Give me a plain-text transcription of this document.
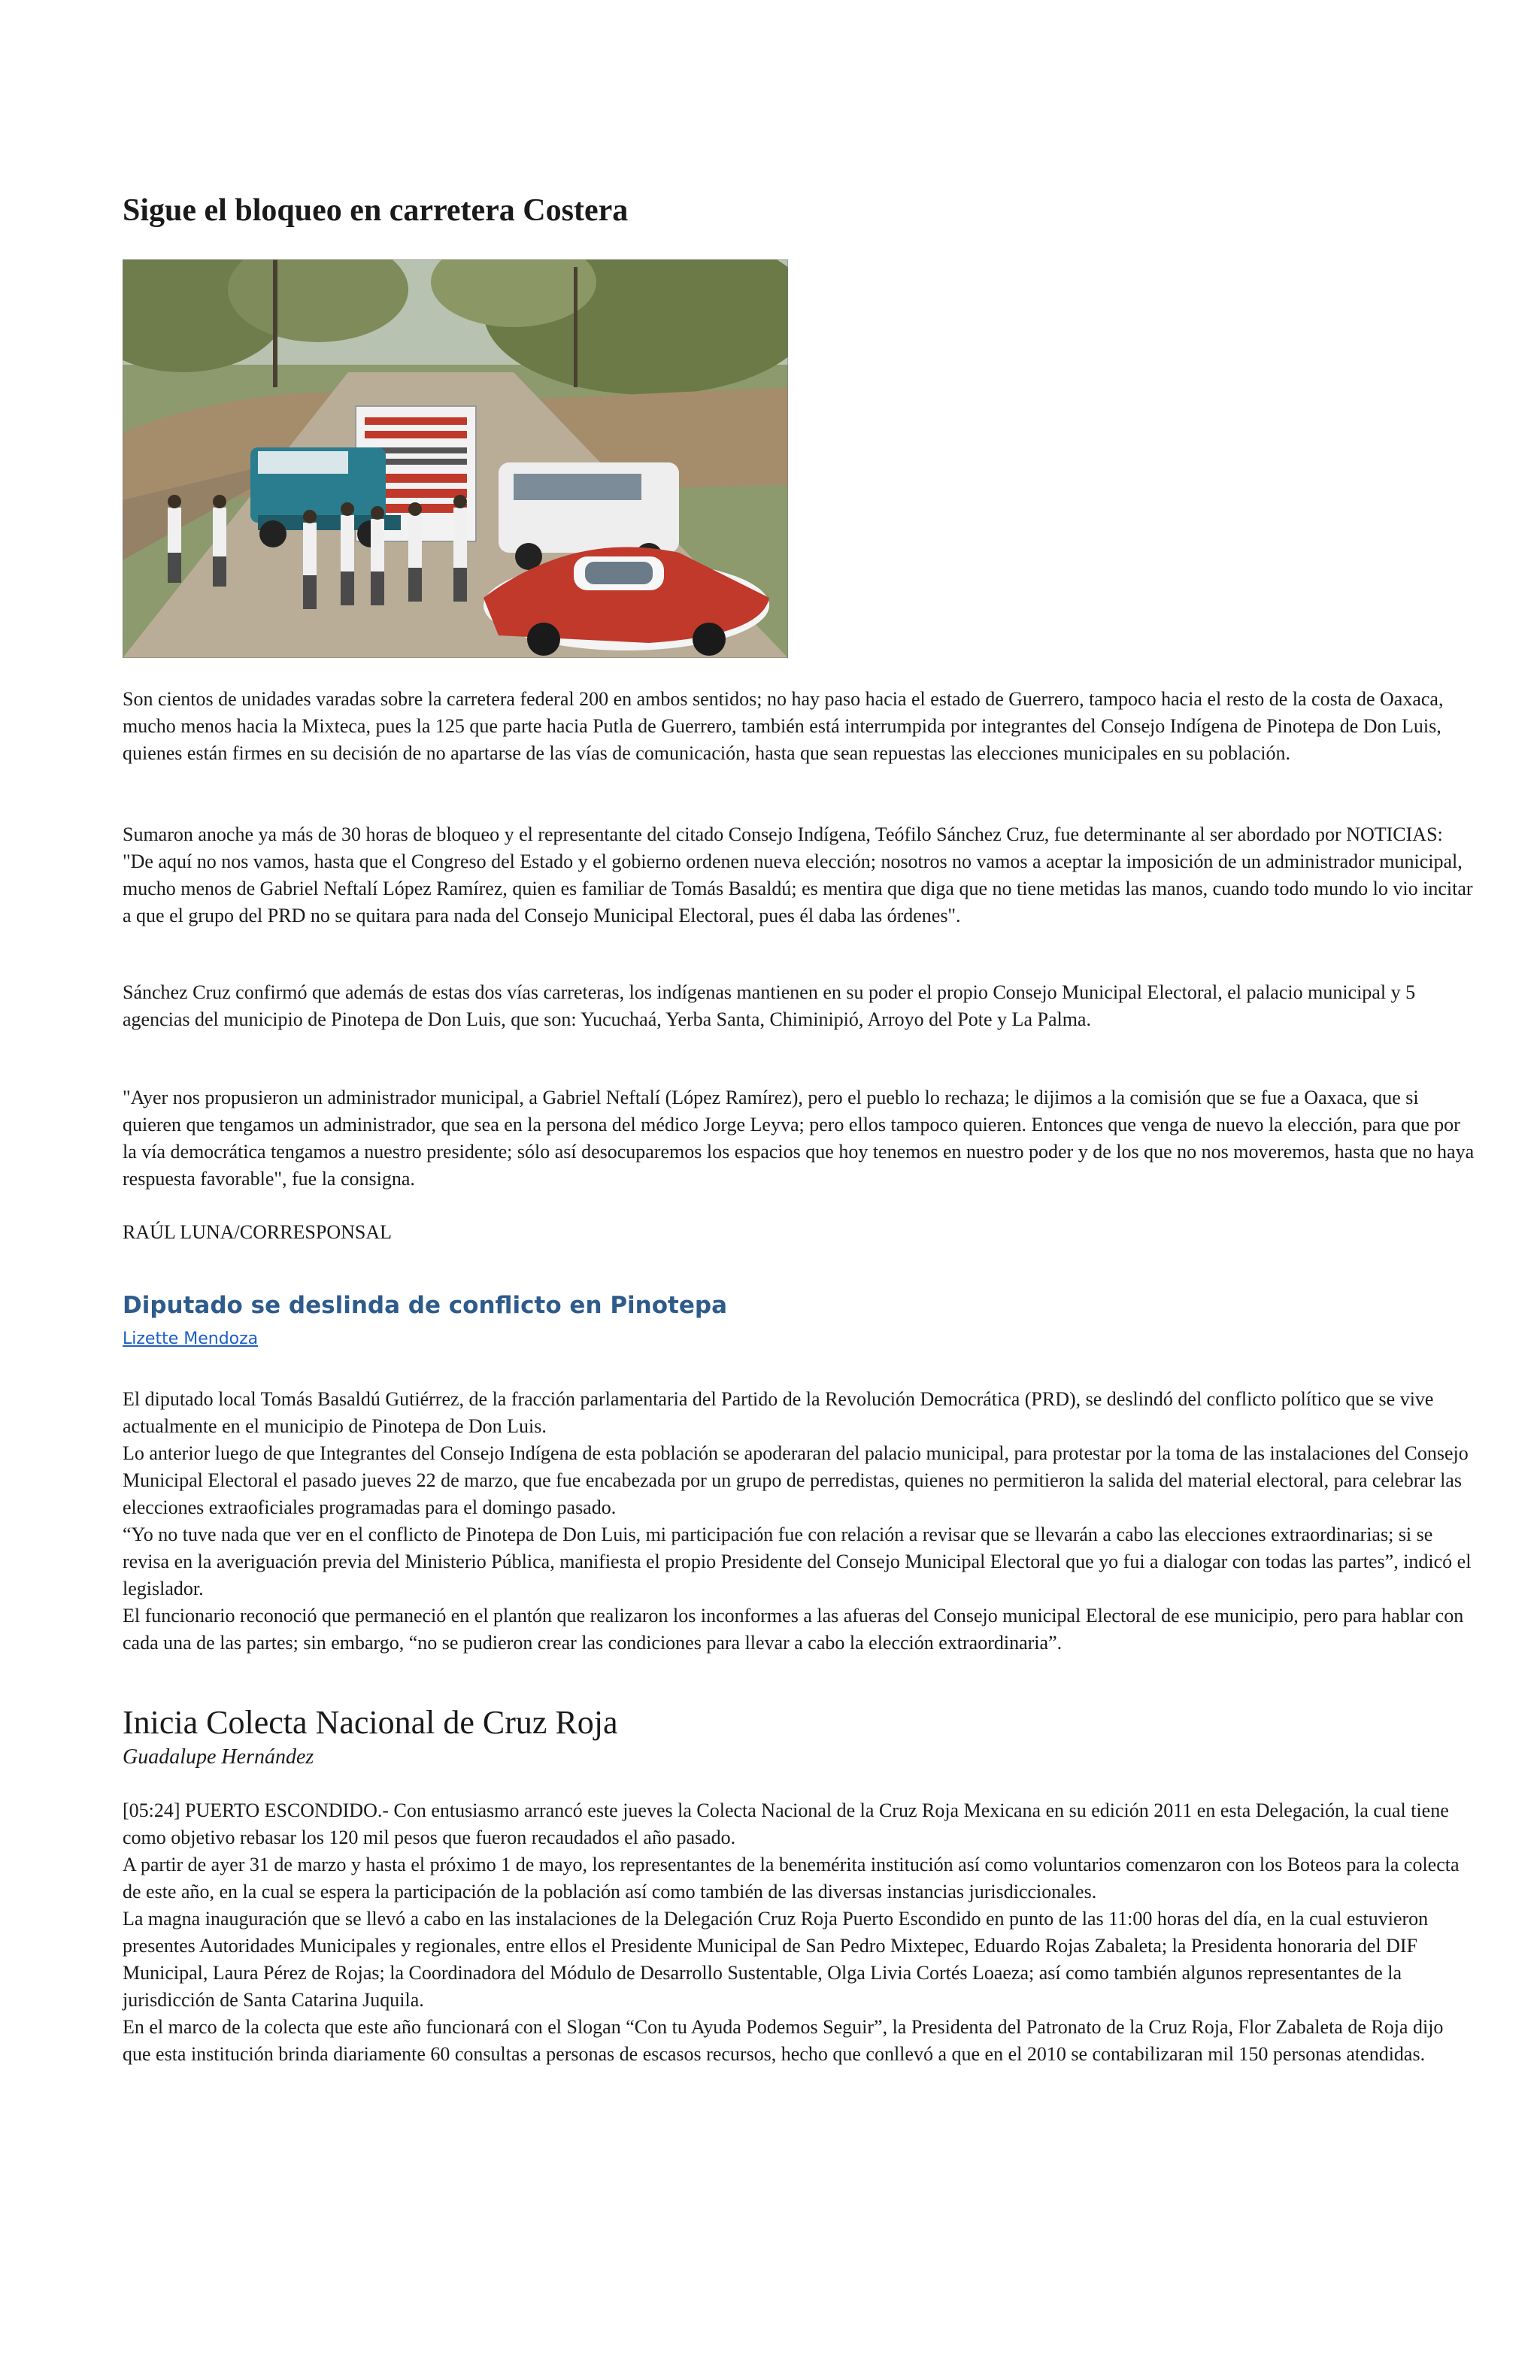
Sigue el bloqueo en carretera Costera

Son cientos de unidades varadas sobre la carretera federal 200 en ambos sentidos; no hay paso hacia el estado de Guerrero, tampoco hacia el resto de la costa de Oaxaca, mucho menos hacia la Mixteca, pues la 125 que parte hacia Putla de Guerrero, también está interrumpida por integrantes del Consejo Indígena de Pinotepa de Don Luis, quienes están firmes en su decisión de no apartarse de las vías de comunicación, hasta que sean repuestas las elecciones municipales en su población.

Sumaron anoche ya más de 30 horas de bloqueo y el representante del citado Consejo Indígena, Teófilo Sánchez Cruz, fue determinante al ser abordado por NOTICIAS: "De aquí no nos vamos, hasta que el Congreso del Estado y el gobierno ordenen nueva elección; nosotros no vamos a aceptar la imposición de un administrador municipal, mucho menos de Gabriel Neftalí López Ramírez, quien es familiar de Tomás Basaldú; es mentira que diga que no tiene metidas las manos, cuando todo mundo lo vio incitar a que el grupo del PRD no se quitara para nada del Consejo Municipal Electoral, pues él daba las órdenes".

Sánchez Cruz confirmó que además de estas dos vías carreteras, los indígenas mantienen en su poder el propio Consejo Municipal Electoral, el palacio municipal y 5 agencias del municipio de Pinotepa de Don Luis, que son: Yucuchaá, Yerba Santa, Chiminipió, Arroyo del Pote y La Palma.

"Ayer nos propusieron un administrador municipal, a Gabriel Neftalí (López Ramírez), pero el pueblo lo rechaza; le dijimos a la comisión que se fue a Oaxaca, que si quieren que tengamos un administrador, que sea en la persona del médico Jorge Leyva; pero ellos tampoco quieren. Entonces que venga de nuevo la elección, para que por la vía democrática tengamos a nuestro presidente; sólo así desocuparemos los espacios que hoy tenemos en nuestro poder y de los que no nos moveremos, hasta que no haya respuesta favorable", fue la consigna.

RAÚL LUNA/CORRESPONSAL

Diputado se deslinda de conflicto en Pinotepa
Lizette Mendoza

El diputado local Tomás Basaldú Gutiérrez, de la fracción parlamentaria del Partido de la Revolución Democrática (PRD), se deslindó del conflicto político que se vive actualmente en el municipio de Pinotepa de Don Luis.

Lo anterior luego de que Integrantes del Consejo Indígena de esta población se apoderaran del palacio municipal, para protestar por la toma de las instalaciones del Consejo Municipal Electoral el pasado jueves 22 de marzo, que fue encabezada por un grupo de perredistas, quienes no permitieron la salida del material electoral, para celebrar las elecciones extraoficiales programadas para el domingo pasado.

“Yo no tuve nada que ver en el conflicto de Pinotepa de Don Luis, mi participación fue con relación a revisar que se llevarán a cabo las elecciones extraordinarias; si se revisa en la averiguación previa del Ministerio Pública, manifiesta el propio Presidente del Consejo Municipal Electoral que yo fui a dialogar con todas las partes”, indicó el legislador.

El funcionario reconoció que permaneció en el plantón que realizaron los inconformes a las afueras del Consejo municipal Electoral de ese municipio, pero para hablar con cada una de las partes; sin embargo, “no se pudieron crear las condiciones para llevar a cabo la elección extraordinaria”.

Inicia Colecta Nacional de Cruz Roja
Guadalupe Hernández

[05:24] PUERTO ESCONDIDO.- Con entusiasmo arrancó este jueves la Colecta Nacional de la Cruz Roja Mexicana en su edición 2011 en esta Delegación, la cual tiene como objetivo rebasar los 120 mil pesos que fueron recaudados el año pasado.

A partir de ayer 31 de marzo y hasta el próximo 1 de mayo, los representantes de la benemérita institución así como voluntarios comenzaron con los Boteos para la colecta de este año, en la cual se espera la participación de la población así como también de las diversas instancias jurisdiccionales.

La magna inauguración que se llevó a cabo en las instalaciones de la Delegación Cruz Roja Puerto Escondido en punto de las 11:00 horas del día, en la cual estuvieron presentes Autoridades Municipales y regionales, entre ellos el Presidente Municipal de San Pedro Mixtepec, Eduardo Rojas Zabaleta; la Presidenta honoraria del DIF Municipal, Laura Pérez de Rojas; la Coordinadora del Módulo de Desarrollo Sustentable, Olga Livia Cortés Loaeza; así como también algunos representantes de la jurisdicción de Santa Catarina Juquila.

En el marco de la colecta que este año funcionará con el Slogan “Con tu Ayuda Podemos Seguir”, la Presidenta del Patronato de la Cruz Roja, Flor Zabaleta de Roja dijo que esta institución brinda diariamente 60 consultas a personas de escasos recursos, hecho que conllevó a que en el 2010 se contabilizaran mil 150 personas atendidas.
